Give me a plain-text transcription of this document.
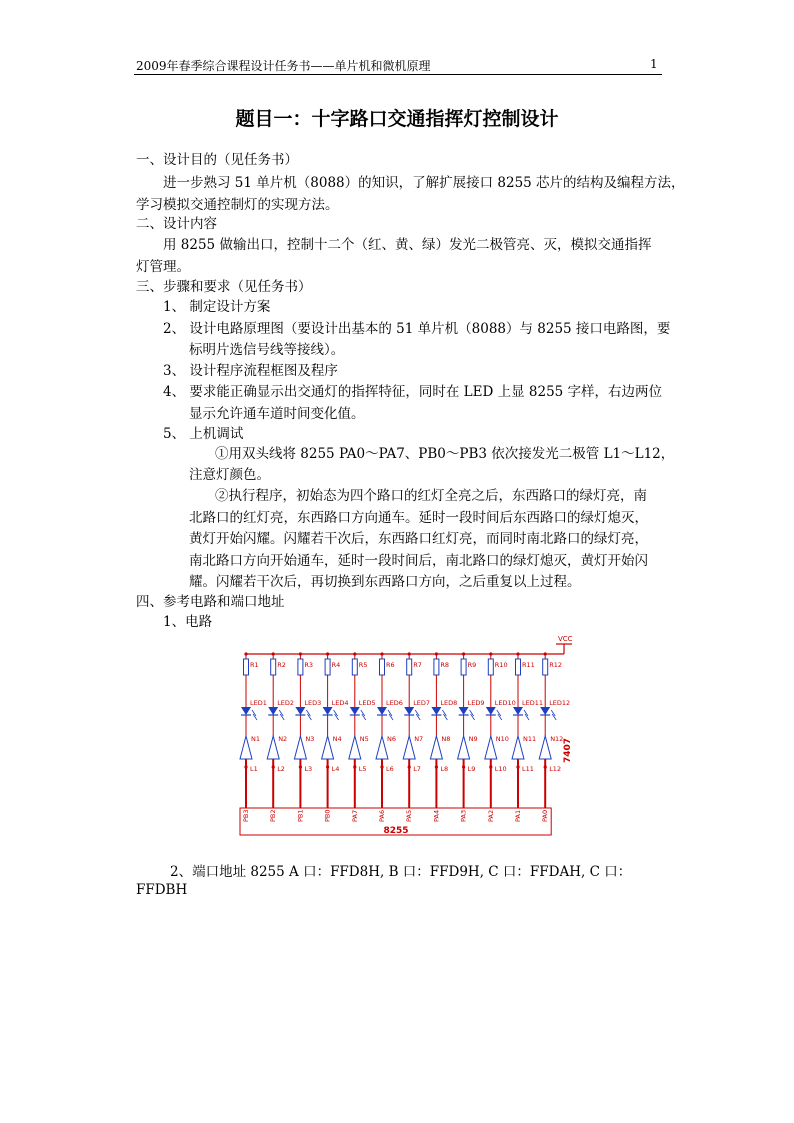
2009年春季综合课程设计任务书——单片机和微机原理	1
题目一：十字路口交通指挥灯控制设计
一、设计目的（见任务书）
进一步熟习 51 单片机（8088）的知识，了解扩展接口 8255 芯片的结构及编程方法，
学习模拟交通控制灯的实现方法。
二、设计内容
用 8255 做输出口，控制十二个（红、黄、绿）发光二极管亮、灭，模拟交通指挥
灯管理。
三、步骤和要求（见任务书）
1、 制定设计方案
2、 设计电路原理图（要设计出基本的 51 单片机（8088）与 8255 接口电路图，要
标明片选信号线等接线）。
3、 设计程序流程框图及程序
4、 要求能正确显示出交通灯的指挥特征，同时在 LED 上显 8255 字样，右边两位
显示允许通车道时间变化值。
5、 上机调试
①用双头线将 8255 PA0～PA7、PB0～PB3 依次接发光二极管 L1～L12，
注意灯颜色。
②执行程序，初始态为四个路口的红灯全亮之后，东西路口的绿灯亮，南
北路口的红灯亮，东西路口方向通车。延时一段时间后东西路口的绿灯熄灭，
黄灯开始闪耀。闪耀若干次后，东西路口红灯亮，而同时南北路口的绿灯亮，
南北路口方向开始通车，延时一段时间后，南北路口的绿灯熄灭，黄灯开始闪
耀。闪耀若干次后，再切换到东西路口方向，之后重复以上过程。
四、参考电路和端口地址
1、电路
2、端口地址 8255 A 口：FFD8H, B 口：FFD9H, C 口：FFDAH, C 口：
FFDBH
VCC
R1
LED1
N1
L1
PB3
R2
LED2
N2
L2
PB2
R3
LED3
N3
L3
PB1
R4
LED4
N4
L4
PB0
R5
LED5
N5
L5
PA7
R6
LED6
N6
L6
PA6
R7
LED7
N7
L7
PA5
R8
LED8
N8
L8
PA4
R9
LED9
N9
L9
PA3
R10
LED10
N10
L10
PA2
R11
LED11
N11
L11
PA1
R12
LED12
N12
L12
PA0
7407
8255
